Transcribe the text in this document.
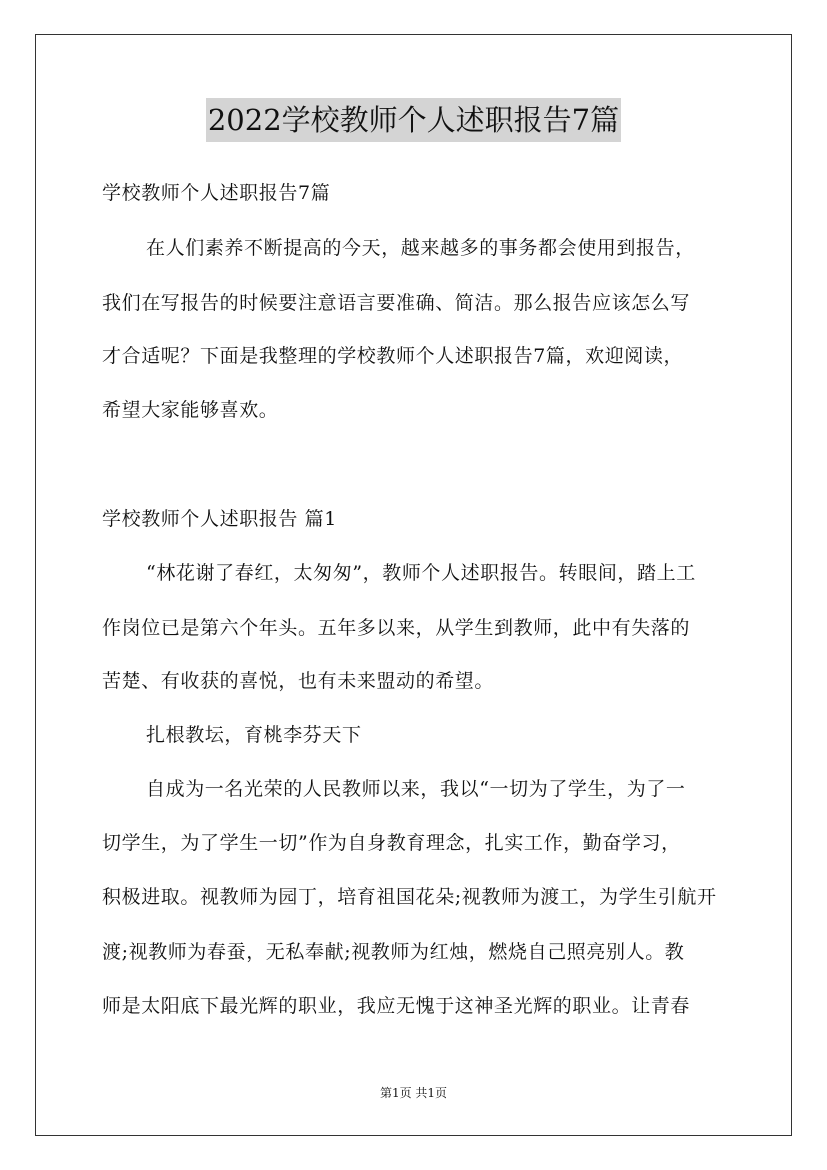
2022学校教师个人述职报告7篇
学校教师个人述职报告7篇
在人们素养不断提高的今天，越来越多的事务都会使用到报告，
我们在写报告的时候要注意语言要准确、简洁。那么报告应该怎么写
才合适呢？下面是我整理的学校教师个人述职报告7篇，欢迎阅读，
希望大家能够喜欢。
学校教师个人述职报告 篇1
“林花谢了春红，太匆匆”，教师个人述职报告。转眼间，踏上工
作岗位已是第六个年头。五年多以来，从学生到教师，此中有失落的
苦楚、有收获的喜悦，也有未来盟动的希望。
扎根教坛，育桃李芬天下
自成为一名光荣的人民教师以来，我以“一切为了学生，为了一
切学生，为了学生一切”作为自身教育理念，扎实工作，勤奋学习，
积极进取。视教师为园丁，培育祖国花朵;视教师为渡工，为学生引航开
渡;视教师为春蚕，无私奉献;视教师为红烛，燃烧自己照亮别人。教
师是太阳底下最光辉的职业，我应无愧于这神圣光辉的职业。让青春
第1页 共1页
